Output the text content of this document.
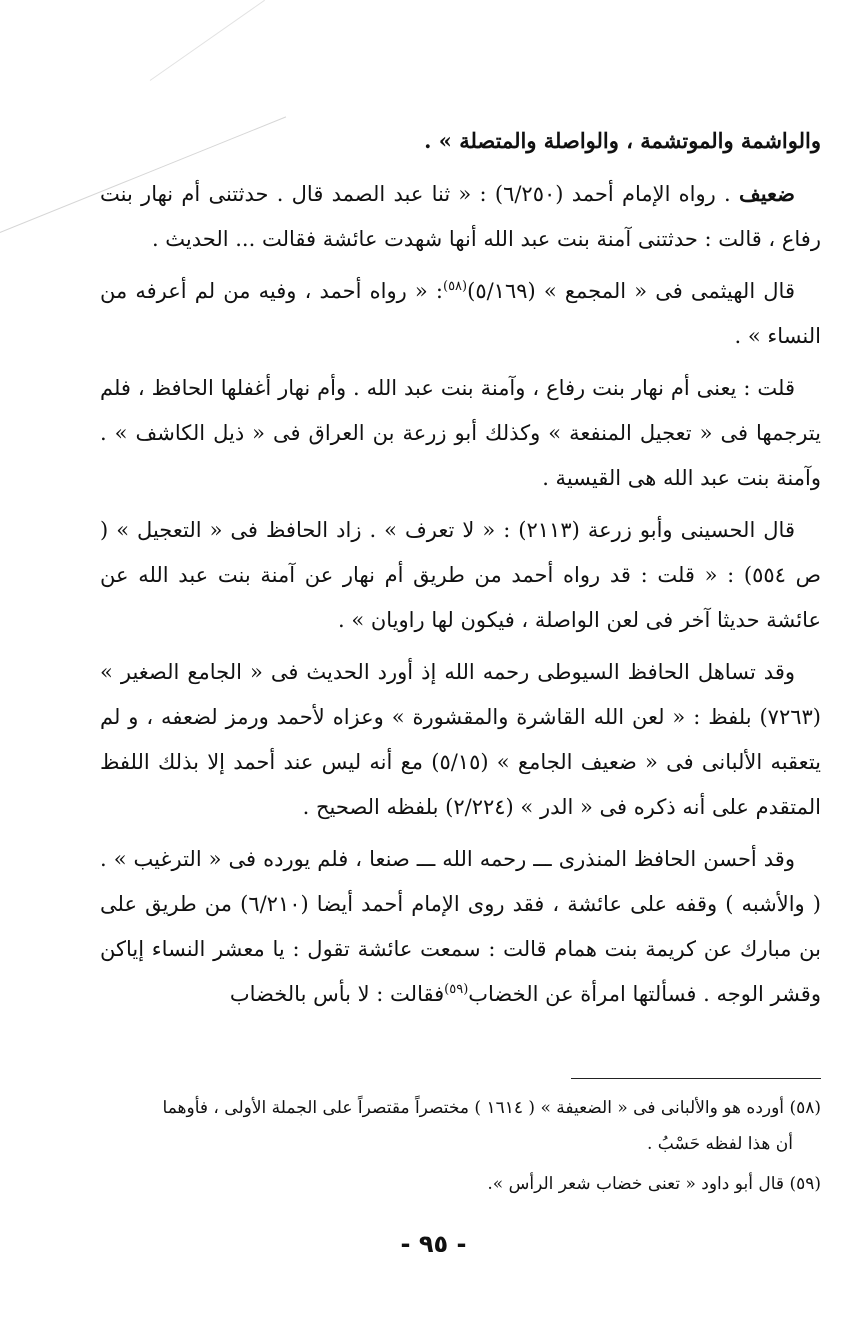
والواشمة والموتشمة ، والواصلة والمتصلة » .

ضعيف . رواه الإمام أحمد (٦/٢٥٠) : « ثنا عبد الصمد قال . حدثتنى أم نهار بنت رفاع ، قالت : حدثتنى آمنة بنت عبد الله أنها شهدت عائشة فقالت ... الحديث .

قال الهيثمى فى « المجمع » (٥/١٦٩)$^{(٥٨)}$: « رواه أحمد ، وفيه من لم أعرفه من النساء » .

قلت : يعنى أم نهار بنت رفاع ، وآمنة بنت عبد الله . وأم نهار أغفلها الحافظ ، فلم يترجمها فى « تعجيل المنفعة » وكذلك أبو زرعة بن العراق فى « ذيل الكاشف » . وآمنة بنت عبد الله هى القيسية .

قال الحسينى وأبو زرعة (٢١١٣) : « لا تعرف » . زاد الحافظ فى « التعجيل » ( ص ٥٥٤) : « قلت : قد رواه أحمد من طريق أم نهار عن آمنة بنت عبد الله عن عائشة حديثا آخر فى لعن الواصلة ، فيكون لها راويان » .

وقد تساهل الحافظ السيوطى رحمه الله إذ أورد الحديث فى « الجامع الصغير » (٧٢٦٣) بلفظ : « لعن الله القاشرة والمقشورة » وعزاه لأحمد ورمز لضعفه ، و لم يتعقبه الألبانى فى « ضعيف الجامع » (٥/١٥) مع أنه ليس عند أحمد إلا بذلك اللفظ المتقدم على أنه ذكره فى « الدر » (٢/٢٢٤) بلفظه الصحيح .

وقد أحسن الحافظ المنذرى ـــ رحمه الله ـــ صنعا ، فلم يورده فى « الترغيب » . ( والأشبه ) وقفه على عائشة ، فقد روى الإمام أحمد أيضا (٦/٢١٠) من طريق على بن مبارك عن كريمة بنت همام قالت : سمعت عائشة تقول : يا معشر النساء إياكن وقشر الوجه . فسألتها امرأة عن الخضاب$^{(٥٩)}$فقالت : لا بأس بالخضاب

(٥٨) أورده هو والألبانى فى « الضعيفة » ( ١٦١٤ ) مختصراً مقتصراً على الجملة الأولى ، فأوهما
أن هذا لفظه حَسْبُ .

(٥٩) قال أبو داود « تعنى خضاب شعر الرأس ».

- ٩٥ -
